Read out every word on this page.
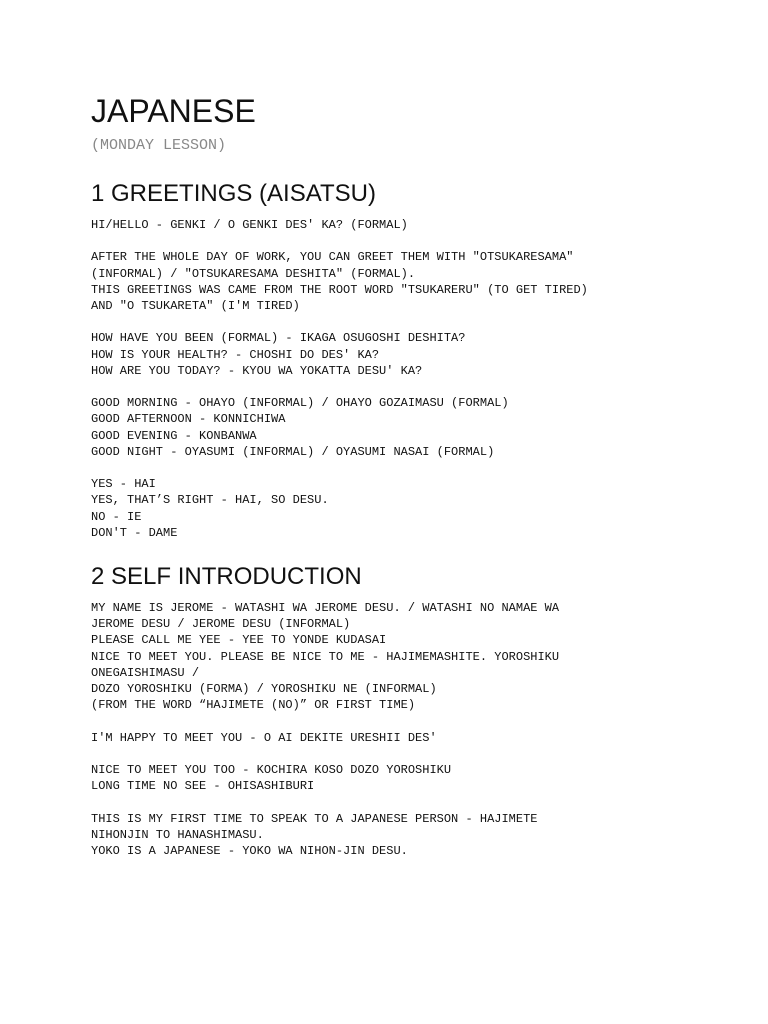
JAPANESE
(MONDAY LESSON)
1 GREETINGS (AISATSU)
HI/HELLO - GENKI / O GENKI DES' KA? (FORMAL)
AFTER THE WHOLE DAY OF WORK, YOU CAN GREET THEM WITH "OTSUKARESAMA"
(INFORMAL) / "OTSUKARESAMA DESHITA" (FORMAL).
THIS GREETINGS WAS CAME FROM THE ROOT WORD "TSUKARERU" (TO GET TIRED)
AND "O TSUKARETA" (I'M TIRED)
HOW HAVE YOU BEEN (FORMAL) - IKAGA OSUGOSHI DESHITA?
HOW IS YOUR HEALTH? - CHOSHI DO DES' KA?
HOW ARE YOU TODAY? - KYOU WA YOKATTA DESU' KA?
GOOD MORNING - OHAYO (INFORMAL) / OHAYO GOZAIMASU (FORMAL)
GOOD AFTERNOON - KONNICHIWA
GOOD EVENING - KONBANWA
GOOD NIGHT - OYASUMI (INFORMAL) / OYASUMI NASAI (FORMAL)
YES - HAI
YES, THAT’S RIGHT - HAI, SO DESU.
NO - IE
DON'T - DAME
2 SELF INTRODUCTION
MY NAME IS JEROME - WATASHI WA JEROME DESU. / WATASHI NO NAMAE WA
JEROME DESU / JEROME DESU (INFORMAL)
PLEASE CALL ME YEE - YEE TO YONDE KUDASAI
NICE TO MEET YOU. PLEASE BE NICE TO ME - HAJIMEMASHITE. YOROSHIKU
ONEGAISHIMASU /
DOZO YOROSHIKU (FORMA) / YOROSHIKU NE (INFORMAL)
(FROM THE WORD “HAJIMETE (NO)” OR FIRST TIME)
I'M HAPPY TO MEET YOU - O AI DEKITE URESHII DES'
NICE TO MEET YOU TOO - KOCHIRA KOSO DOZO YOROSHIKU
LONG TIME NO SEE - OHISASHIBURI
THIS IS MY FIRST TIME TO SPEAK TO A JAPANESE PERSON - HAJIMETE
NIHONJIN TO HANASHIMASU.
YOKO IS A JAPANESE - YOKO WA NIHON-JIN DESU.
